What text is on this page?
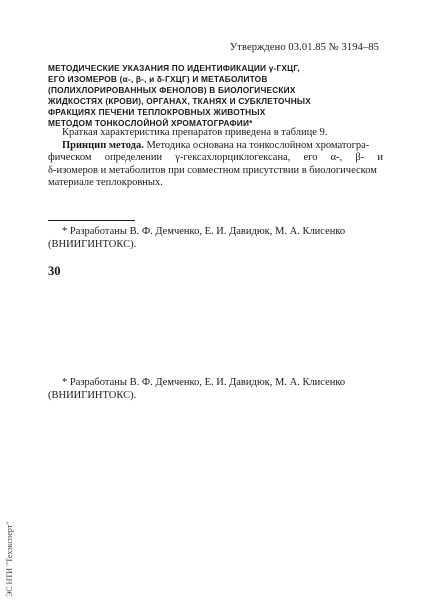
Утверждено 03.01.85 № 3194–85
МЕТОДИЧЕСКИЕ УКАЗАНИЯ ПО ИДЕНТИФИКАЦИИ γ-ГХЦГ,
ЕГО ИЗОМЕРОВ (α-, β-, и δ-ГХЦГ) И МЕТАБОЛИТОВ
(ПОЛИХЛОРИРОВАННЫХ ФЕНОЛОВ) В БИОЛОГИЧЕСКИХ
ЖИДКОСТЯХ (КРОВИ), ОРГАНАХ, ТКАНЯХ И СУБКЛЕТОЧНЫХ
ФРАКЦИЯХ ПЕЧЕНИ ТЕПЛОКРОВНЫХ ЖИВОТНЫХ
МЕТОДОМ ТОНКОСЛОЙНОЙ ХРОМАТОГРАФИИ*
Краткая характеристика препаратов приведена в таблице 9.
Принцип метода.
Методика основана на тонкослойном хроматогра-
фическом определении γ-гексахлорциклогексана, его α-, β- и
δ-изомеров и метаболитов при совместном присутствии в биологическом
материале теплокровных.
* Разработаны В. Ф. Демченко, Е. И. Давидюк, М. А. Клисенко
(ВНИИГИНТОКС).
30
* Разработаны В. Ф. Демченко, Е. И. Давидюк, М. А. Клисенко
(ВНИИГИНТОКС).
ЭС НТИ "Техэксперт"
